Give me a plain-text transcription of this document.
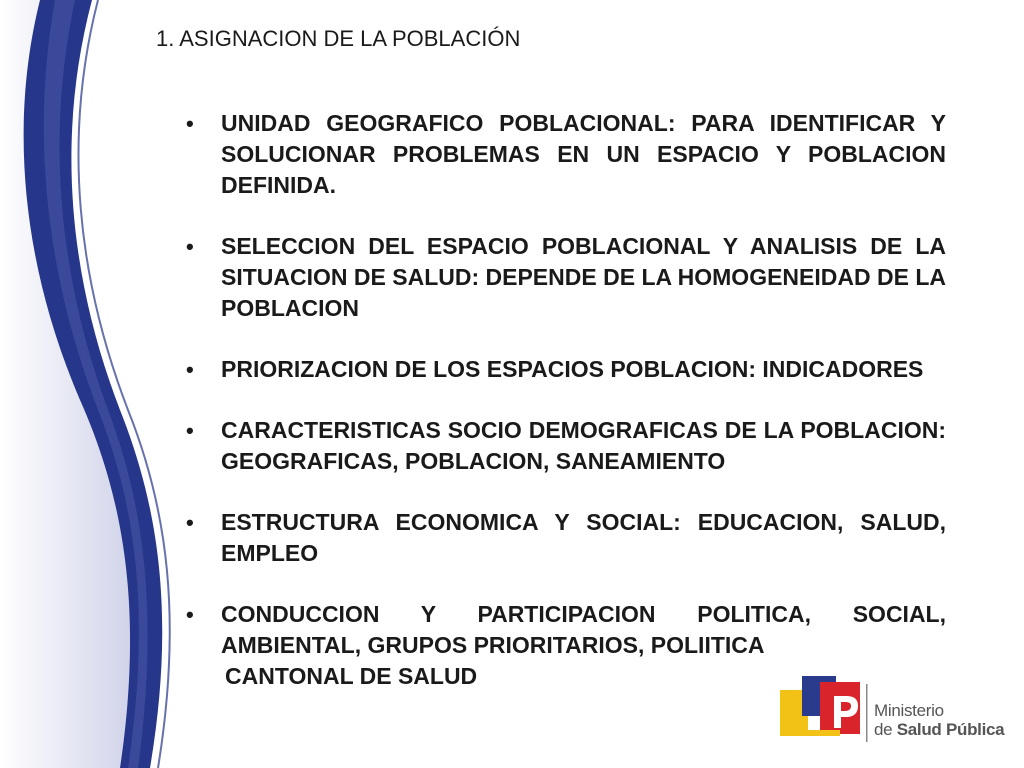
1. ASIGNACION DE LA POBLACIÓN
• UNIDAD GEOGRAFICO POBLACIONAL: PARA IDENTIFICAR Y SOLUCIONAR PROBLEMAS EN UN ESPACIO Y POBLACION DEFINIDA.
• SELECCION DEL ESPACIO POBLACIONAL Y ANALISIS DE LA SITUACION DE SALUD: DEPENDE DE LA HOMOGENEIDAD DE LA POBLACION
• PRIORIZACION DE LOS ESPACIOS POBLACION: INDICADORES
• CARACTERISTICAS SOCIO DEMOGRAFICAS DE LA POBLACION: GEOGRAFICAS, POBLACION, SANEAMIENTO
• ESTRUCTURA ECONOMICA Y SOCIAL: EDUCACION, SALUD, EMPLEO
• CONDUCCION Y PARTICIPACION POLITICA, SOCIAL, AMBIENTAL, GRUPOS PRIORITARIOS, POLIITICA
CANTONAL DE SALUD
Ministerio
de Salud Pública
